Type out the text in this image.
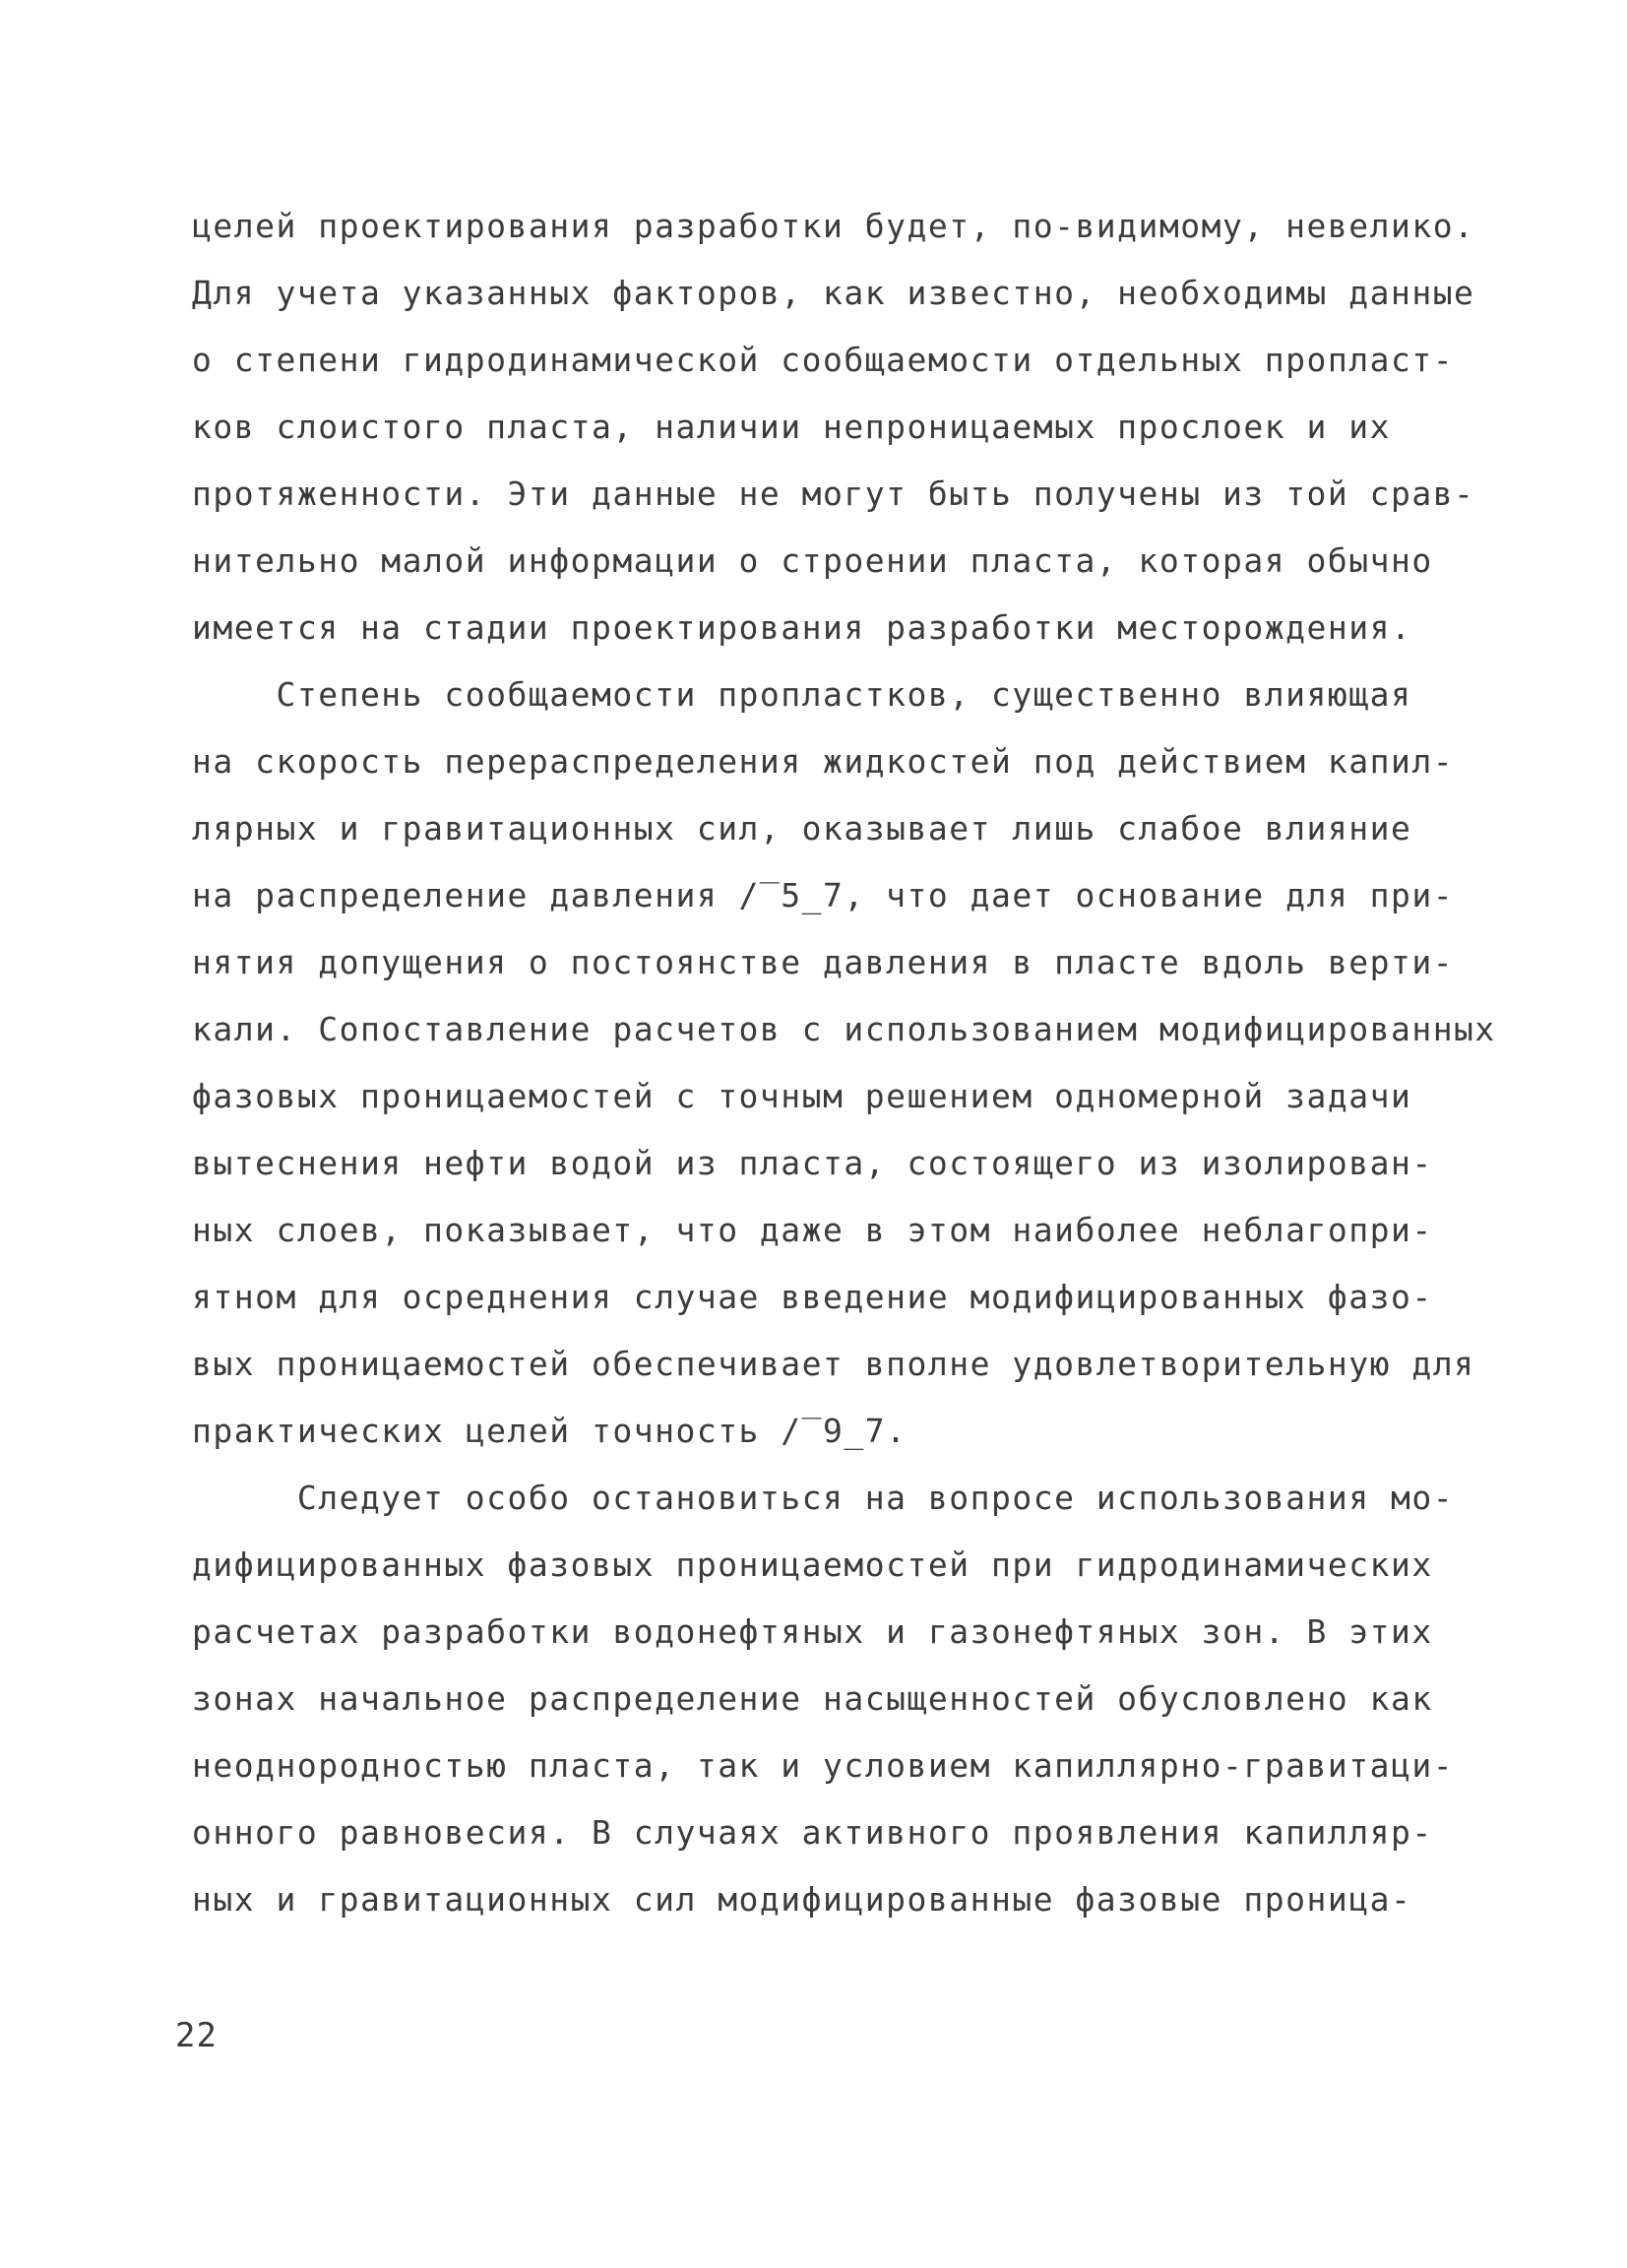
целей проектирования разработки будет, по-видимому, невелико.
Для учета указанных факторов, как известно, необходимы данные
о степени гидродинамической сообщаемости отдельных пропласт-
ков слоистого пласта, наличии непроницаемых прослоек и их
протяженности. Эти данные не могут быть получены из той срав-
нительно малой информации о строении пласта, которая обычно
имеется на стадии проектирования разработки месторождения.
Степень сообщаемости пропластков, существенно влияющая
на скорость перераспределения жидкостей под действием капил-
лярных и гравитационных сил, оказывает лишь слабое влияние
на распределение давления /‾5_7, что дает основание для при-
нятия допущения о постоянстве давления в пласте вдоль верти-
кали. Сопоставление расчетов с использованием модифицированных
фазовых проницаемостей с точным решением одномерной задачи
вытеснения нефти водой из пласта, состоящего из изолирован-
ных слоев, показывает, что даже в этом наиболее неблагопри-
ятном для осреднения случае введение модифицированных фазо-
вых проницаемостей обеспечивает вполне удовлетворительную для
практических целей точность /‾9_7.
Следует особо остановиться на вопросе использования мо-
дифицированных фазовых проницаемостей при гидродинамических
расчетах разработки водонефтяных и газонефтяных зон. В этих
зонах начальное распределение насыщенностей обусловлено как
неоднородностью пласта, так и условием капиллярно-гравитаци-
онного равновесия. В случаях активного проявления капилляр-
ных и гравитационных сил модифицированные фазовые проница-
22
